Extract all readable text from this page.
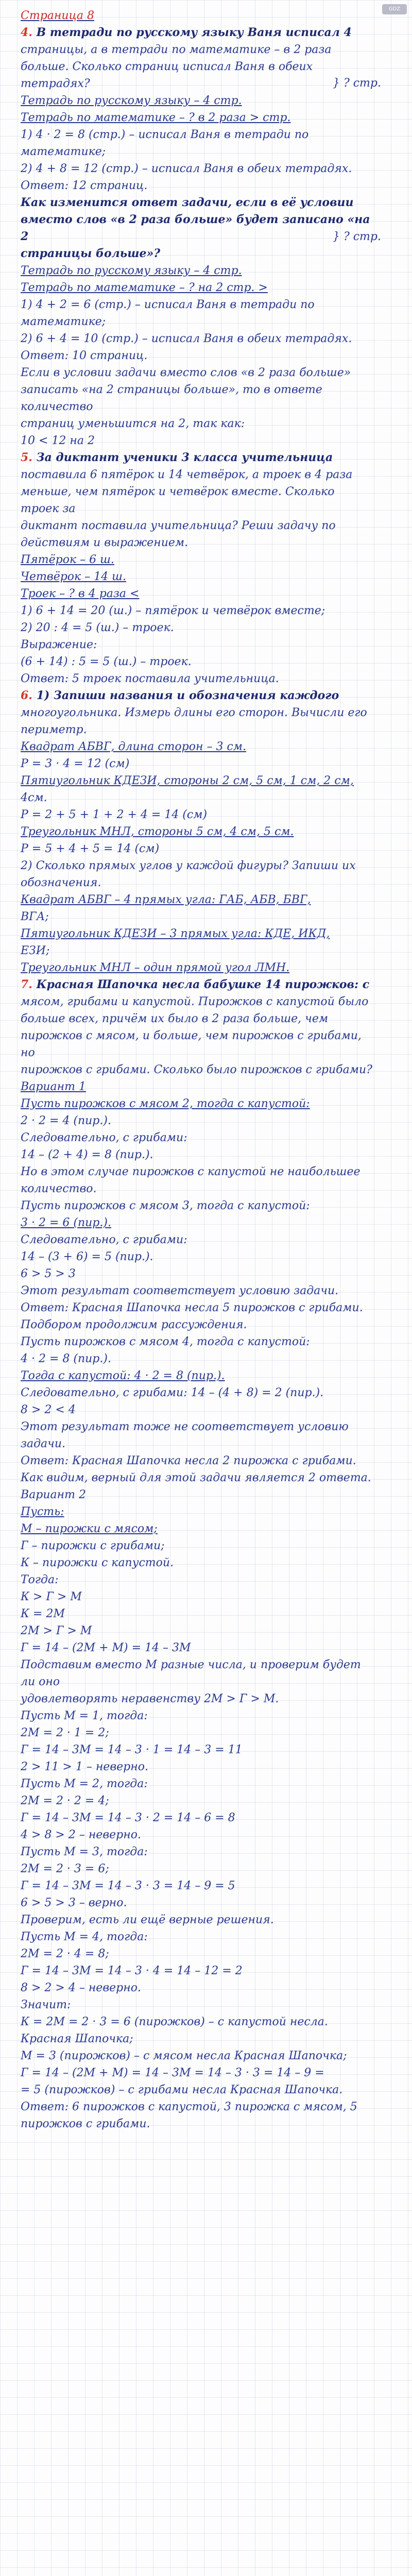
GDZ
Страница 8
4. В тетради по русскому языку Ваня исписал 4
страницы, а в тетради по математике – в 2 раза
больше. Сколько страниц исписал Ваня в обеих
тетрадях?
Тетрадь по русскому языку – 4 стр.
Тетрадь по математике – ? в 2 раза > стр.
1) 4 · 2 = 8 (стр.) – исписал Ваня в тетради по
математике;
2) 4 + 8 = 12 (стр.) – исписал Ваня в обеих тетрадях.
Ответ: 12 страниц.
Как изменится ответ задачи, если в её условии
вместо слов «в 2 раза больше» будет записано «на 2
страницы больше»?
Тетрадь по русскому языку – 4 стр.
Тетрадь по математике – ? на 2 стр. >
1) 4 + 2 = 6 (стр.) – исписал Ваня в тетради по
математике;
2) 6 + 4 = 10 (стр.) – исписал Ваня в обеих тетрадях.
Ответ: 10 страниц.
Если в условии задачи вместо слов «в 2 раза больше»
записать «на 2 страницы больше», то в ответе количество
страниц уменьшится на 2, так как:
10 < 12 на 2
5. За диктант ученики 3 класса учительница
поставила 6 пятёрок и 14 четвёрок, а троек в 4 раза
меньше, чем пятёрок и четвёрок вместе. Сколько троек за
диктант поставила учительница? Реши задачу по
действиям и выражением.
Пятёрок – 6 ш.
Четвёрок – 14 ш.
Троек – ? в 4 раза <
1) 6 + 14 = 20 (ш.) – пятёрок и четвёрок вместе;
2) 20 : 4 = 5 (ш.) – троек.
Выражение:
(6 + 14) : 5 = 5 (ш.) – троек.
Ответ: 5 троек поставила учительница.
6. 1) Запиши названия и обозначения каждого
многоугольника. Измерь длины его сторон. Вычисли его
периметр.
Квадрат АБВГ, длина сторон – 3 см.
Р = 3 · 4 = 12 (см)
Пятиугольник КДЕЗИ, стороны 2 см, 5 см, 1 см, 2 см,
4см.
Р = 2 + 5 + 1 + 2 + 4 = 14 (см)
Треугольник МНЛ, стороны 5 см, 4 см, 5 см.
Р = 5 + 4 + 5 = 14 (см)
2) Сколько прямых углов у каждой фигуры? Запиши их
обозначения.
Квадрат АБВГ – 4 прямых угла: ГАБ, АБВ, БВГ,
ВГА;
Пятиугольник КДЕЗИ – 3 прямых угла: КДЕ, ИКД,
ЕЗИ;
Треугольник МНЛ – один прямой угол ЛМН.
7. Красная Шапочка несла бабушке 14 пирожков: с
мясом, грибами и капустой. Пирожков с капустой было
больше всех, причём их было в 2 раза больше, чем
пирожков с мясом, и больше, чем пирожков с грибами, но
пирожков с грибами. Сколько было пирожков с грибами?
Вариант 1
Пусть пирожков с мясом 2, тогда с капустой:
2 · 2 = 4 (пир.).
Следовательно, с грибами:
14 – (2 + 4) = 8 (пир.).
Но в этом случае пирожков с капустой не наибольшее
количество.
Пусть пирожков с мясом 3, тогда с капустой:
3 · 2 = 6 (пир.).
Следовательно, с грибами:
14 – (3 + 6) = 5 (пир.).
6 > 5 > 3
Этот результат соответствует условию задачи.
Ответ: Красная Шапочка несла 5 пирожков с грибами.
Подбором продолжим рассуждения.
Пусть пирожков с мясом 4, тогда с капустой:
4 · 2 = 8 (пир.).
Тогда с капустой: 4 · 2 = 8 (пир.).
Следовательно, с грибами: 14 – (4 + 8) = 2 (пир.).
8 > 2 < 4
Этот результат тоже не соответствует условию задачи.
Ответ: Красная Шапочка несла 2 пирожка с грибами.
Как видим, верный для этой задачи является 2 ответа.
Вариант 2
Пусть:
М – пирожки с мясом;
Г – пирожки с грибами;
К – пирожки с капустой.
Тогда:
К > Г > М
К = 2М
2М > Г > М
Г = 14 – (2М + М) = 14 – 3М
Подставим вместо М разные числа, и проверим будет ли оно
удовлетворять неравенству 2М > Г > М.
Пусть М = 1, тогда:
2М = 2 · 1 = 2;
Г = 14 – 3М = 14 – 3 · 1 = 14 – 3 = 11
2 > 11 > 1 – неверно.
Пусть М = 2, тогда:
2М = 2 · 2 = 4;
Г = 14 – 3М = 14 – 3 · 2 = 14 – 6 = 8
4 > 8 > 2 – неверно.
Пусть М = 3, тогда:
2М = 2 · 3 = 6;
Г = 14 – 3М = 14 – 3 · 3 = 14 – 9 = 5
6 > 5 > 3 – верно.
Проверим, есть ли ещё верные решения.
Пусть М = 4, тогда:
2М = 2 · 4 = 8;
Г = 14 – 3М = 14 – 3 · 4 = 14 – 12 = 2
8 > 2 > 4 – неверно.
Значит:
К = 2М = 2 · 3 = 6 (пирожков) – с капустой несла.
Красная Шапочка;
М = 3 (пирожков) – с мясом несла Красная Шапочка;
Г = 14 – (2М + М) = 14 – 3М = 14 – 3 · 3 = 14 – 9 =
= 5 (пирожков) – с грибами несла Красная Шапочка.
Ответ: 6 пирожков с капустой, 3 пирожка с мясом, 5
пирожков с грибами.
} ? стр.
} ? стр.
